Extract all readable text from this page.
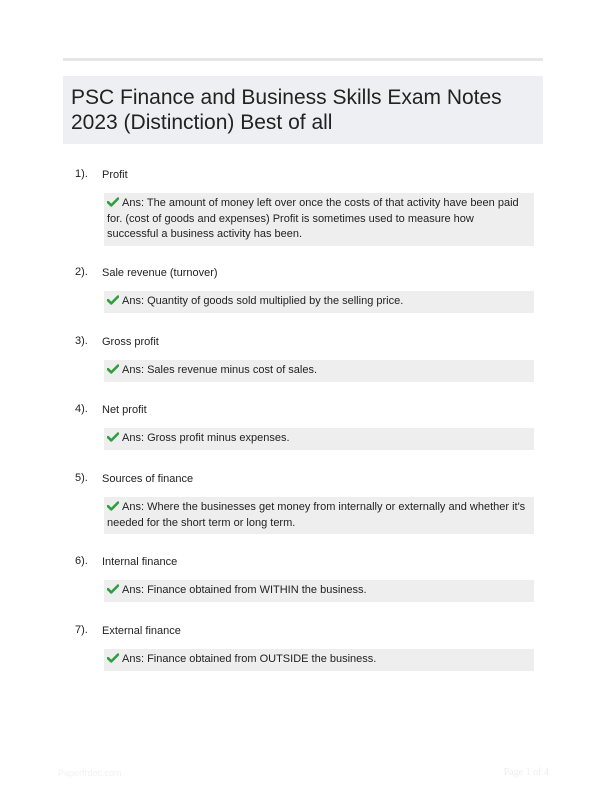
PSC Finance and Business Skills Exam Notes 2023 (Distinction) Best of all
1). Profit
Ans: The amount of money left over once the costs of that activity have been paid for. (cost of goods and expenses) Profit is sometimes used to measure how successful a business activity has been.
2). Sale revenue (turnover)
Ans: Quantity of goods sold multiplied by the selling price.
3). Gross profit
Ans: Sales revenue minus cost of sales.
4). Net profit
Ans: Gross profit minus expenses.
5). Sources of finance
Ans: Where the businesses get money from internally or externally and whether it's needed for the short term or long term.
6). Internal finance
Ans: Finance obtained from WITHIN the business.
7). External finance
Ans: Finance obtained from OUTSIDE the business.
Paperfrdoc.com	Page 1 of 4
